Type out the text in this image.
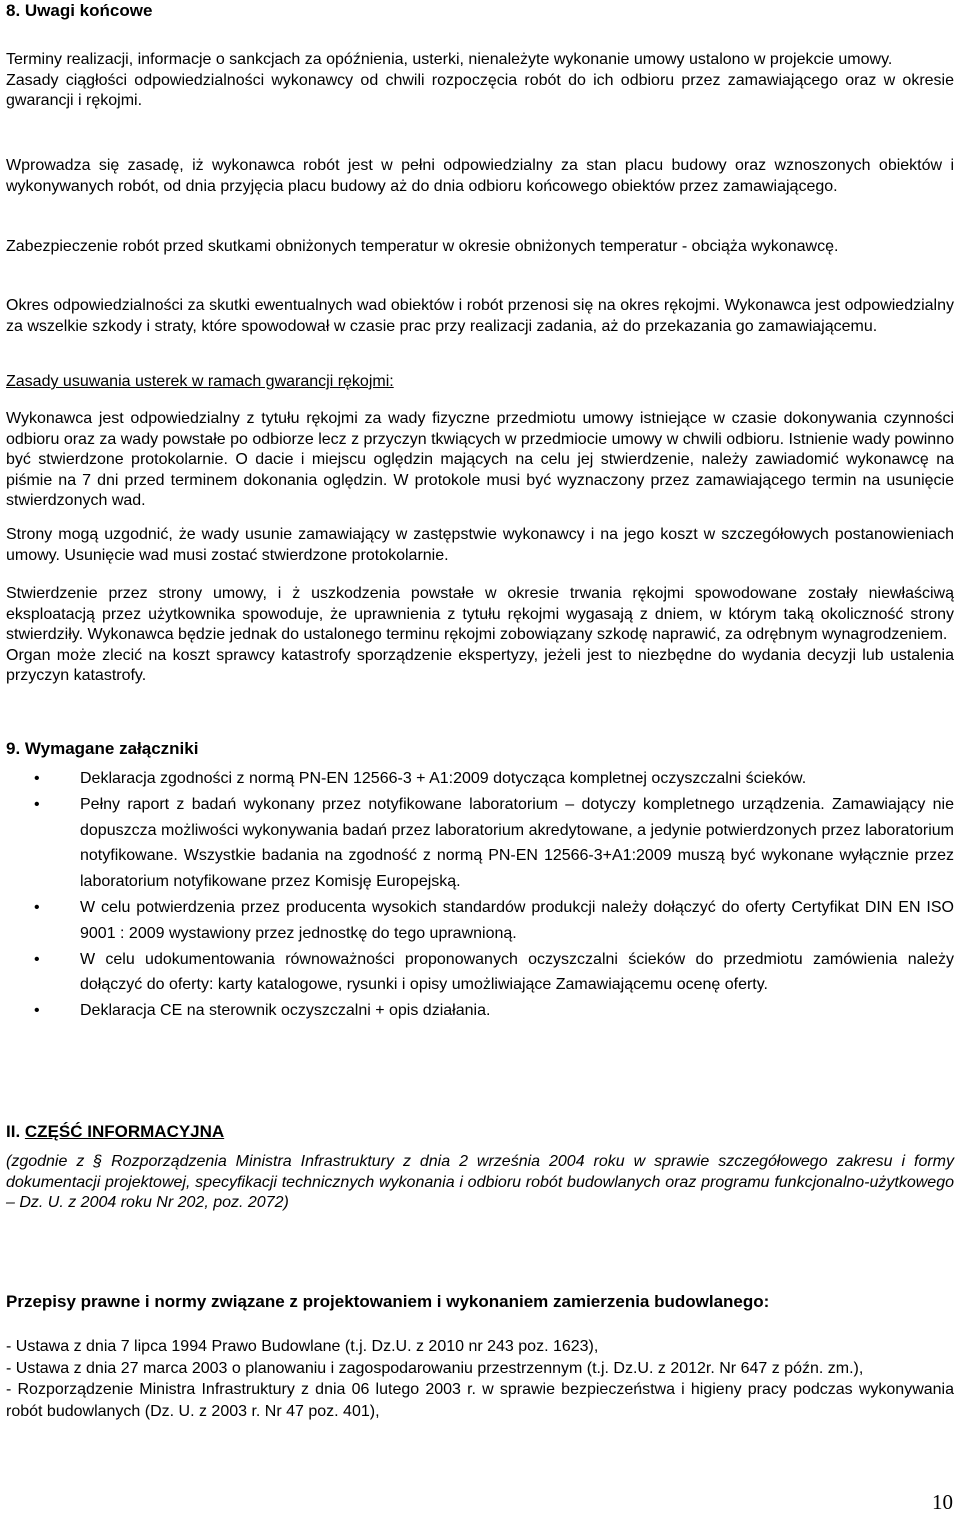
8. Uwagi końcowe

Terminy realizacji, informacje o sankcjach za opóźnienia, usterki, nienależyte wykonanie umowy ustalono w projekcie umowy.

Zasady ciągłości odpowiedzialności wykonawcy od chwili rozpoczęcia robót do ich odbioru przez zamawiającego oraz w okresie gwarancji i rękojmi.

Wprowadza się zasadę, iż wykonawca robót jest w pełni odpowiedzialny za stan placu budowy oraz wznoszonych obiektów i wykonywanych robót, od dnia przyjęcia placu budowy aż do dnia odbioru końcowego obiektów przez zamawiającego.

Zabezpieczenie robót przed skutkami obniżonych temperatur w okresie obniżonych temperatur - obciąża wykonawcę.

Okres odpowiedzialności za skutki ewentualnych wad obiektów i robót przenosi się na okres rękojmi. Wykonawca jest odpowiedzialny za wszelkie szkody i straty, które spowodował w czasie prac przy realizacji zadania, aż do przekazania go zamawiającemu.

Zasady usuwania usterek w ramach gwarancji rękojmi:

Wykonawca jest odpowiedzialny z tytułu rękojmi za wady fizyczne przedmiotu umowy istniejące w czasie dokonywania czynności odbioru oraz za wady powstałe po odbiorze lecz z przyczyn tkwiących w przedmiocie umowy w chwili odbioru. Istnienie wady powinno być stwierdzone protokolarnie. O dacie i miejscu oględzin mających na celu jej stwierdzenie, należy zawiadomić wykonawcę na piśmie na 7 dni przed terminem dokonania oględzin. W protokole musi być wyznaczony przez zamawiającego termin na usunięcie stwierdzonych wad.

Strony mogą uzgodnić, że wady usunie zamawiający w zastępstwie wykonawcy i na jego koszt w szczegółowych postanowieniach umowy. Usunięcie wad musi zostać stwierdzone protokolarnie.

Stwierdzenie przez strony umowy, i ż uszkodzenia powstałe w okresie trwania rękojmi spowodowane zostały niewłaściwą eksploatacją przez użytkownika spowoduje, że uprawnienia z tytułu rękojmi wygasają z dniem, w którym taką okoliczność strony stwierdziły. Wykonawca będzie jednak do ustalonego terminu rękojmi zobowiązany szkodę naprawić, za odrębnym wynagrodzeniem.

Organ może zlecić na koszt sprawcy katastrofy sporządzenie ekspertyzy, jeżeli jest to niezbędne do wydania decyzji lub ustalenia przyczyn katastrofy.

9. Wymagane załączniki
• Deklaracja zgodności z normą PN-EN 12566-3 + A1:2009 dotycząca kompletnej oczyszczalni ścieków.
• Pełny raport z badań wykonany przez notyfikowane laboratorium – dotyczy kompletnego urządzenia. Zamawiający nie dopuszcza możliwości wykonywania badań przez laboratorium akredytowane, a jedynie potwierdzonych przez laboratorium notyfikowane. Wszystkie badania na zgodność z normą PN-EN 12566-3+A1:2009 muszą być wykonane wyłącznie przez laboratorium notyfikowane przez Komisję Europejską.
• W celu potwierdzenia przez producenta wysokich standardów produkcji należy dołączyć do oferty Certyfikat DIN EN ISO 9001 : 2009 wystawiony przez jednostkę do tego uprawnioną.
• W celu udokumentowania równoważności proponowanych oczyszczalni ścieków do przedmiotu zamówienia należy dołączyć do oferty: karty katalogowe, rysunki i opisy umożliwiające Zamawiającemu ocenę oferty.
• Deklaracja CE na sterownik oczyszczalni + opis działania.
II. CZĘŚĆ INFORMACYJNA

(zgodnie z § Rozporządzenia Ministra Infrastruktury z dnia 2 września 2004 roku w sprawie szczegółowego zakresu i formy dokumentacji projektowej, specyfikacji technicznych wykonania i odbioru robót budowlanych oraz programu funkcjonalno-użytkowego – Dz. U. z 2004 roku Nr 202, poz. 2072)

Przepisy prawne i normy związane z projektowaniem i wykonaniem zamierzenia budowlanego:

- Ustawa z dnia 7 lipca 1994 Prawo Budowlane (t.j. Dz.U. z 2010 nr 243 poz. 1623),

- Ustawa z dnia 27 marca 2003 o planowaniu i zagospodarowaniu przestrzennym (t.j. Dz.U. z 2012r. Nr 647 z późn. zm.),

- Rozporządzenie Ministra Infrastruktury z dnia 06 lutego 2003 r. w sprawie bezpieczeństwa i higieny pracy podczas wykonywania robót budowlanych (Dz. U. z 2003 r. Nr 47 poz. 401),

10
